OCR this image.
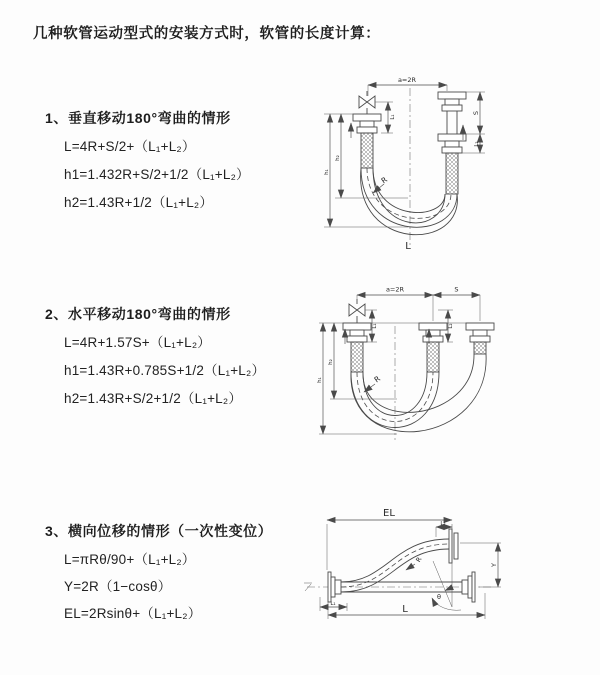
几种软管运动型式的安装方式时，软管的长度计算：
1、垂直移动180°弯曲的情形
L=4R+S/2+（L₁+L₂）
h1=1.432R+S/2+1/2（L₁+L₂）
h2=1.43R+1/2（L₁+L₂）
2、水平移动180°弯曲的情形
L=4R+1.57S+（L₁+L₂）
h1=1.43R+0.785S+1/2（L₁+L₂）
h2=1.43R+S/2+1/2（L₁+L₂）
3、横向位移的情形（一次性变位）
L=πRθ/90+（L₁+L₂）
Y=2R（1−cosθ）
EL=2Rsinθ+（L₁+L₂）
a=2R
L₁
h₂
h₁
S
L₂
R
L
a=2R	S
L₁	L₂
h₂
h₁	R
EL
L₂
Y
R
θ
L
L₁
